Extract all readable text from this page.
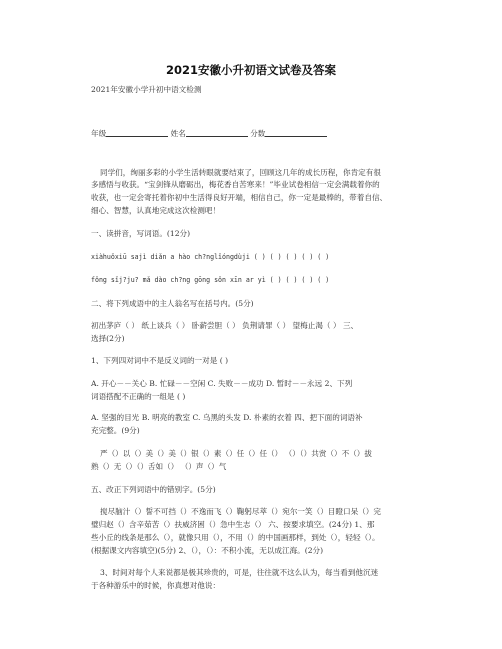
2021安徽小升初语文试卷及答案
2021年安徽小学升初中语文检测
年级	姓名	分数
同学们，绚丽多彩的小学生活转眼就要结束了，回顾这几年的成长历程，你肯定有很
多感悟与收获。“宝剑锋从磨砺出，梅花香自苦寒来！”毕业试卷相信一定会满载着你的
收获，也一定会寄托着你初中生活得良好开端，相信自己，你一定是最棒的，带着自信、
细心、智慧，认真地完成这次检测吧！
一、读拼音，写词语。(12分)
xiàhuǒxiū sajì diǎn a hào ch?nglǐóngdùji ( ) ( ) ( ) ( ) ( )
fǒng sǐj?ju? mǎ dào ch?ng gōng sǒn xīn ar yì ( ) ( ) ( ) ( )
二、将下列成语中的主人翁名写在括号内。(5分)
初出茅庐（ ） 纸上谈兵（ ） 卧薪尝胆（ ） 负荆请罪（ ） 望梅止渴（ ） 三、
选择(2分)
1、下列四对词中不是反义词的一对是 ( )
A. 开心－－关心 B. 忙碌－－空闲 C. 失败－－成功 D. 暂时－－永远 2、下列
词语搭配不正确的一组是 ( )
A. 坚强的目光 B. 明亮的教室 C. 乌黑的头发 D. 朴素的衣着 四、把下面的词语补
充完整。(9分)
严（）以（）美（）美（）银（）素（）任（）任（） （）（）共赏（）不（）拔
熟（）无（）（）舌如（） （）声（）气
五、改正下列词语中的错别字。(5分)
搅尽脑汁（）誓不可挡（）不逸而飞（）鞠躬尽萃（）宛尔一笑（）目瞪口呆（）完
璧归赵（）含辛茹苦（）扶威济困（）急中生志（） 六、按要求填空。(24分) 1、那
些小丘的线条是那么（），就像只用（），不用（）的中国画那样，到处（），轻轻（）。
(根据课文内容填空)(5分) 2、（），（）：不积小流，无以成江海。(2分)
3、时间对每个人来说都是极其珍贵的，可是，往往就不这么认为，每当看到他沉迷
于各种游乐中的时候，你真想对他说：
